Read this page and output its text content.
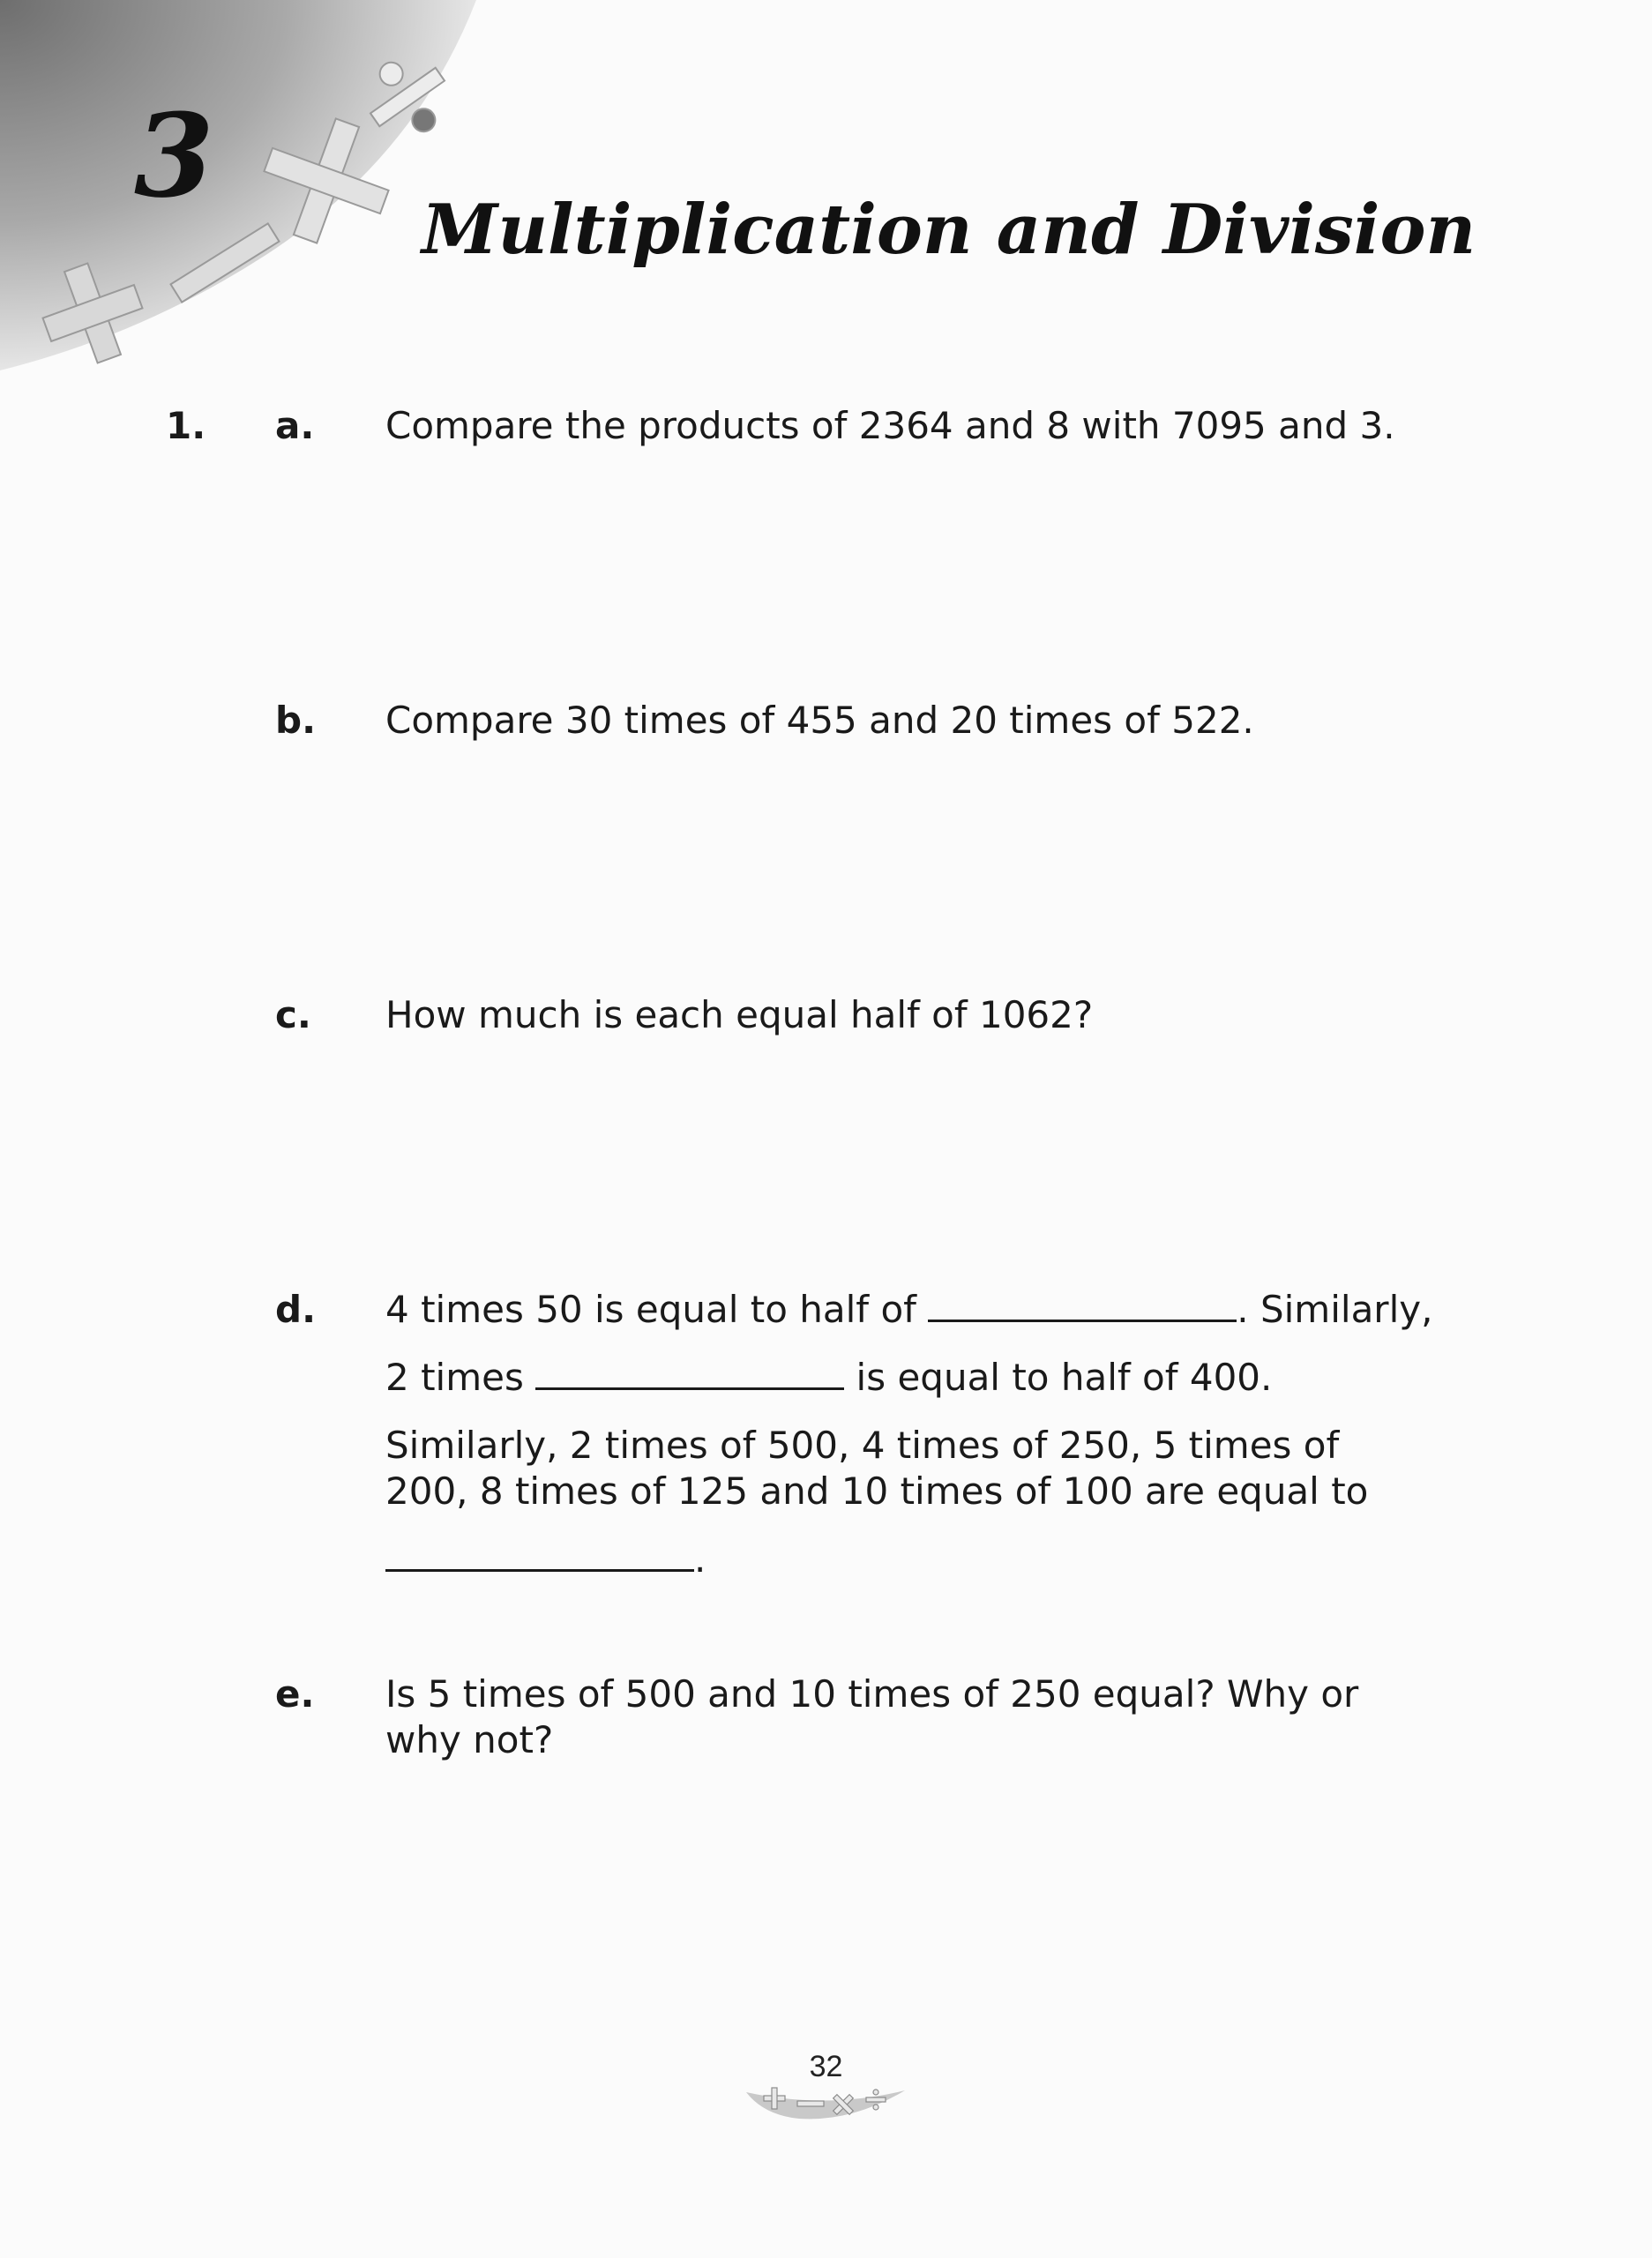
3
Multiplication and Division
1. a. Compare the products of 2364 and 8 with 7095 and 3.
b. Compare 30 times of 455 and 20 times of 522.
c. How much is each equal half of 1062?
d. 4 times 50 is equal to half of	. Similarly,
2 times	is equal to half of 400.
Similarly, 2 times of 500, 4 times of 250, 5 times of
200, 8 times of 125 and 10 times of 100 are equal to
.
e. Is 5 times of 500 and 10 times of 250 equal? Why or
why not?
32
